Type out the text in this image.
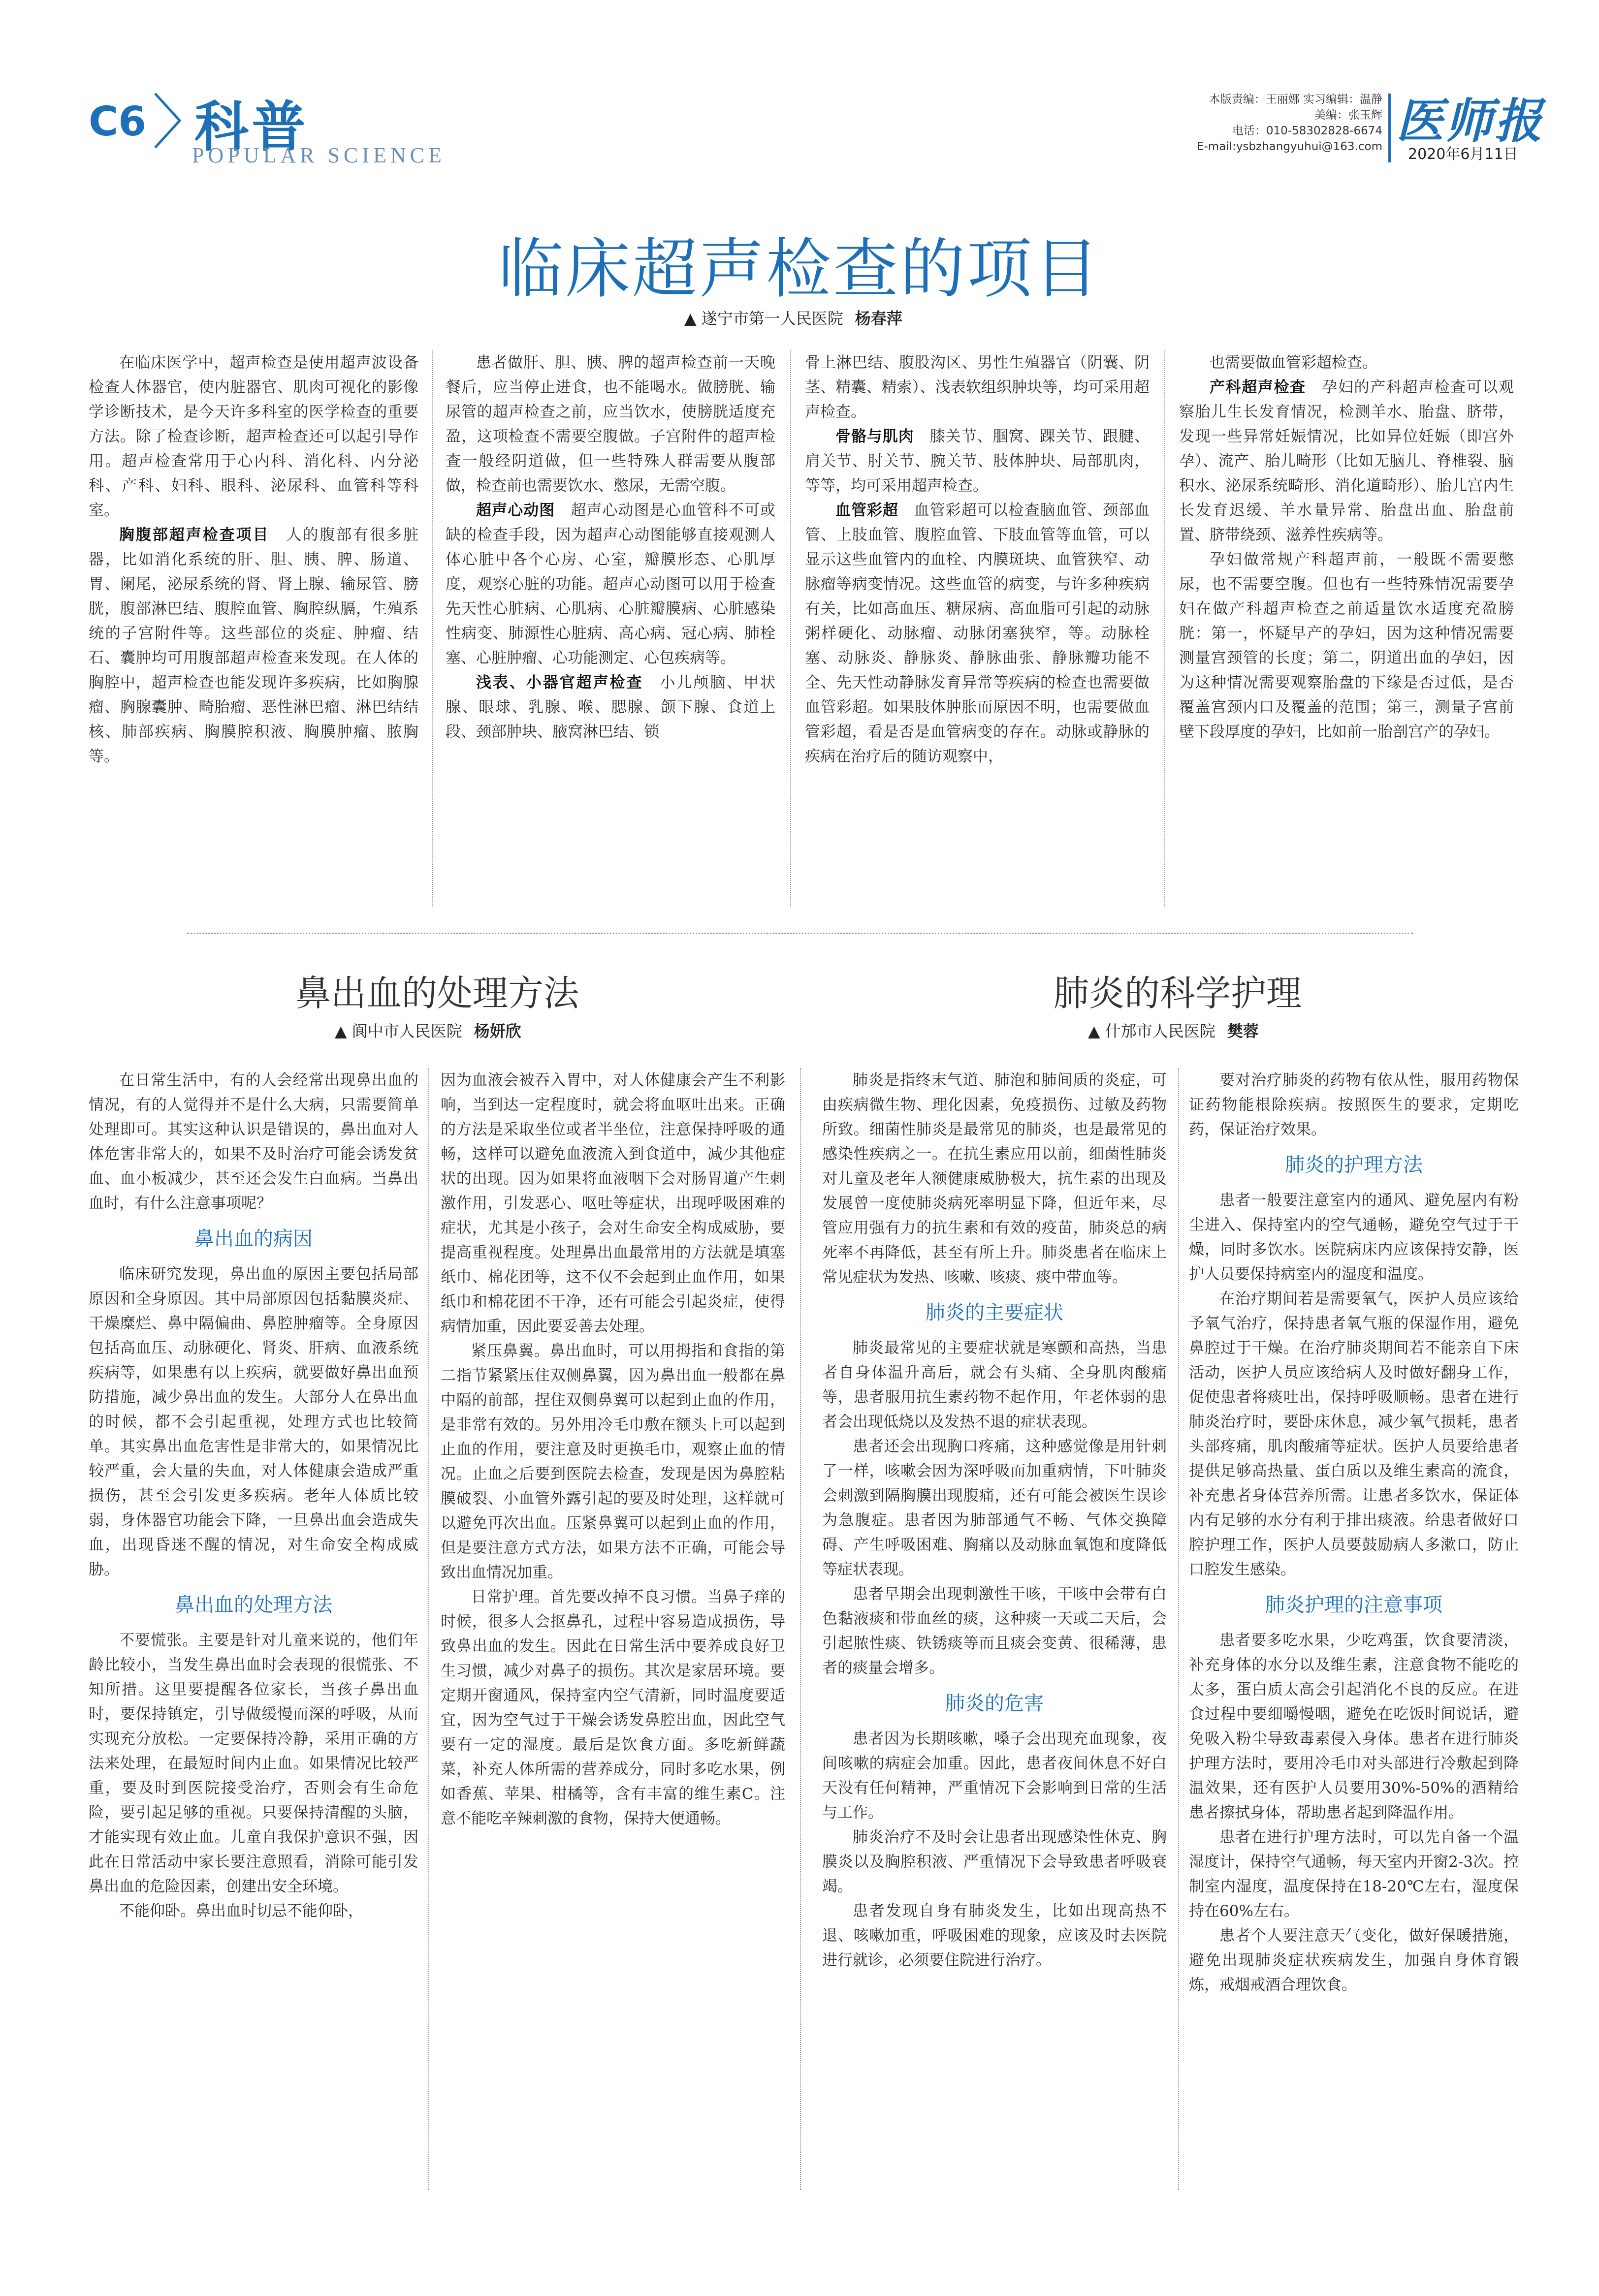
C6 科普
POPULAR SCIENCE
本版责编：王丽娜 实习编辑：温静
美编：张玉辉
电话：010-58302828-6674
E-mail:ysbzhangyuhui@163.com 医师报
2020年6月11日
临床超声检查的项目
▲ 遂宁市第一人民医院 杨春萍

在临床医学中，超声检查是使用超声波设备检查人体器官，使内脏器官、肌肉可视化的影像学诊断技术，是今天许多科室的医学检查的重要方法。除了检查诊断，超声检查还可以起引导作用。超声检查常用于心内科、消化科、内分泌科、产科、妇科、眼科、泌尿科、血管科等科室。

胸腹部超声检查项目　 人的腹部有很多脏器，比如消化系统的肝、胆、胰、脾、肠道、胃、阑尾，泌尿系统的肾、肾上腺、输尿管、膀胱，腹部淋巴结、腹腔血管、胸腔纵膈，生殖系统的子宫附件等。这些部位的炎症、肿瘤、结石、囊肿均可用腹部超声检查来发现。在人体的胸腔中，超声检查也能发现许多疾病，比如胸腺瘤、胸腺囊肿、畸胎瘤、恶性淋巴瘤、淋巴结结核、肺部疾病、胸膜腔积液、胸膜肿瘤、脓胸等。

患者做肝、胆、胰、脾的超声检查前一天晚餐后，应当停止进食，也不能喝水。做膀胱、输尿管的超声检查之前，应当饮水，使膀胱适度充盈，这项检查不需要空腹做。子宫附件的超声检查一般经阴道做，但一些特殊人群需要从腹部做，检查前也需要饮水、憋尿，无需空腹。

超声心动图　 超声心动图是心血管科不可或缺的检查手段，因为超声心动图能够直接观测人体心脏中各个心房、心室，瓣膜形态、心肌厚度，观察心脏的功能。超声心动图可以用于检查先天性心脏病、心肌病、心脏瓣膜病、心脏感染性病变、肺源性心脏病、高心病、冠心病、肺栓塞、心脏肿瘤、心功能测定、心包疾病等。

浅表、小器官超声检查　 小儿颅脑、甲状腺、眼球、乳腺、喉、腮腺、颌下腺、食道上段、颈部肿块、腋窝淋巴结、锁

骨上淋巴结、腹股沟区、男性生殖器官（阴囊、阴茎、精囊、精索）、浅表软组织肿块等，均可采用超声检查。

骨骼与肌肉　 膝关节、腘窝、踝关节、跟腱、肩关节、肘关节、腕关节、肢体肿块、局部肌肉，等等，均可采用超声检查。

血管彩超　 血管彩超可以检查脑血管、颈部血管、上肢血管、腹腔血管、下肢血管等血管，可以显示这些血管内的血栓、内膜斑块、血管狭窄、动脉瘤等病变情况。这些血管的病变，与许多种疾病有关，比如高血压、糖尿病、高血脂可引起的动脉粥样硬化、动脉瘤、动脉闭塞狭窄，等。动脉栓塞、动脉炎、静脉炎、静脉曲张、静脉瓣功能不全、先天性动静脉发育异常等疾病的检查也需要做血管彩超。如果肢体肿胀而原因不明，也需要做血管彩超，看是否是血管病变的存在。动脉或静脉的疾病在治疗后的随访观察中，

也需要做血管彩超检查。

产科超声检查　 孕妇的产科超声检查可以观察胎儿生长发育情况，检测羊水、胎盘、脐带，发现一些异常妊娠情况，比如异位妊娠（即宫外孕）、流产、胎儿畸形（比如无脑儿、脊椎裂、脑积水、泌尿系统畸形、消化道畸形）、胎儿宫内生长发育迟缓、羊水量异常、胎盘出血、胎盘前置、脐带绕颈、滋养性疾病等。

孕妇做常规产科超声前，一般既不需要憋尿，也不需要空腹。但也有一些特殊情况需要孕妇在做产科超声检查之前适量饮水适度充盈膀胱：第一，怀疑早产的孕妇，因为这种情况需要测量宫颈管的长度；第二，阴道出血的孕妇，因为这种情况需要观察胎盘的下缘是否过低，是否覆盖宫颈内口及覆盖的范围；第三，测量子宫前壁下段厚度的孕妇，比如前一胎剖宫产的孕妇。

鼻出血的处理方法
▲ 阆中市人民医院 杨妍欣

在日常生活中，有的人会经常出现鼻出血的情况，有的人觉得并不是什么大病，只需要简单处理即可。其实这种认识是错误的，鼻出血对人体危害非常大的，如果不及时治疗可能会诱发贫血、血小板减少，甚至还会发生白血病。当鼻出血时，有什么注意事项呢？

鼻出血的病因

临床研究发现，鼻出血的原因主要包括局部原因和全身原因。其中局部原因包括黏膜炎症、干燥糜烂、鼻中隔偏曲、鼻腔肿瘤等。全身原因包括高血压、动脉硬化、肾炎、肝病、血液系统疾病等，如果患有以上疾病，就要做好鼻出血预防措施，减少鼻出血的发生。大部分人在鼻出血的时候，都不会引起重视，处理方式也比较简单。其实鼻出血危害性是非常大的，如果情况比较严重，会大量的失血，对人体健康会造成严重损伤，甚至会引发更多疾病。老年人体质比较弱，身体器官功能会下降，一旦鼻出血会造成失血，出现昏迷不醒的情况，对生命安全构成威胁。

鼻出血的处理方法

不要慌张。主要是针对儿童来说的，他们年龄比较小，当发生鼻出血时会表现的很慌张、不知所措。这里要提醒各位家长，当孩子鼻出血时，要保持镇定，引导做缓慢而深的呼吸，从而实现充分放松。一定要保持冷静，采用正确的方法来处理，在最短时间内止血。如果情况比较严重，要及时到医院接受治疗，否则会有生命危险，要引起足够的重视。只要保持清醒的头脑，才能实现有效止血。儿童自我保护意识不强，因此在日常活动中家长要注意照看，消除可能引发鼻出血的危险因素，创建出安全环境。

不能仰卧。鼻出血时切忌不能仰卧，

因为血液会被吞入胃中，对人体健康会产生不利影响，当到达一定程度时，就会将血呕吐出来。正确的方法是采取坐位或者半坐位，注意保持呼吸的通畅，这样可以避免血液流入到食道中，减少其他症状的出现。因为如果将血液咽下会对肠胃道产生刺激作用，引发恶心、呕吐等症状，出现呼吸困难的症状，尤其是小孩子，会对生命安全构成威胁，要提高重视程度。处理鼻出血最常用的方法就是填塞纸巾、棉花团等，这不仅不会起到止血作用，如果纸巾和棉花团不干净，还有可能会引起炎症，使得病情加重，因此要妥善去处理。

紧压鼻翼。鼻出血时，可以用拇指和食指的第二指节紧紧压住双侧鼻翼，因为鼻出血一般都在鼻中隔的前部，捏住双侧鼻翼可以起到止血的作用，是非常有效的。另外用冷毛巾敷在额头上可以起到止血的作用，要注意及时更换毛巾，观察止血的情况。止血之后要到医院去检查，发现是因为鼻腔粘膜破裂、小血管外露引起的要及时处理，这样就可以避免再次出血。压紧鼻翼可以起到止血的作用，但是要注意方式方法，如果方法不正确，可能会导致出血情况加重。

日常护理。首先要改掉不良习惯。当鼻子痒的时候，很多人会抠鼻孔，过程中容易造成损伤，导致鼻出血的发生。因此在日常生活中要养成良好卫生习惯，减少对鼻子的损伤。其次是家居环境。要定期开窗通风，保持室内空气清新，同时温度要适宜，因为空气过于干燥会诱发鼻腔出血，因此空气要有一定的湿度。最后是饮食方面。多吃新鲜蔬菜，补充人体所需的营养成分，同时多吃水果，例如香蕉、苹果、柑橘等，含有丰富的维生素C。注意不能吃辛辣刺激的食物，保持大便通畅。

肺炎的科学护理
▲ 什邡市人民医院 樊蓉

肺炎是指终末气道、肺泡和肺间质的炎症，可由疾病微生物、理化因素，免疫损伤、过敏及药物所致。细菌性肺炎是最常见的肺炎，也是最常见的感染性疾病之一。在抗生素应用以前，细菌性肺炎对儿童及老年人额健康威胁极大，抗生素的出现及发展曾一度使肺炎病死率明显下降，但近年来，尽管应用强有力的抗生素和有效的疫苗，肺炎总的病死率不再降低，甚至有所上升。肺炎患者在临床上常见症状为发热、咳嗽、咳痰、痰中带血等。

肺炎的主要症状

肺炎最常见的主要症状就是寒颤和高热，当患者自身体温升高后，就会有头痛、全身肌肉酸痛等，患者服用抗生素药物不起作用，年老体弱的患者会出现低烧以及发热不退的症状表现。

患者还会出现胸口疼痛，这种感觉像是用针刺了一样，咳嗽会因为深呼吸而加重病情，下叶肺炎会刺激到隔胸膜出现腹痛，还有可能会被医生误诊为急腹症。患者因为肺部通气不畅、气体交换障碍、产生呼吸困难、胸痛以及动脉血氧饱和度降低等症状表现。

患者早期会出现刺激性干咳，干咳中会带有白色黏液痰和带血丝的痰，这种痰一天或二天后，会引起脓性痰、铁锈痰等而且痰会变黄、很稀薄，患者的痰量会增多。

肺炎的危害

患者因为长期咳嗽，嗓子会出现充血现象，夜间咳嗽的病症会加重。因此，患者夜间休息不好白天没有任何精神，严重情况下会影响到日常的生活与工作。

肺炎治疗不及时会让患者出现感染性休克、胸膜炎以及胸腔积液、严重情况下会导致患者呼吸衰竭。

患者发现自身有肺炎发生，比如出现高热不退、咳嗽加重，呼吸困难的现象，应该及时去医院进行就诊，必须要住院进行治疗。

要对治疗肺炎的药物有依从性，服用药物保证药物能根除疾病。按照医生的要求，定期吃药，保证治疗效果。

肺炎的护理方法

患者一般要注意室内的通风、避免屋内有粉尘进入、保持室内的空气通畅，避免空气过于干燥，同时多饮水。医院病床内应该保持安静，医护人员要保持病室内的湿度和温度。

在治疗期间若是需要氧气，医护人员应该给予氧气治疗，保持患者氧气瓶的保湿作用，避免鼻腔过于干燥。在治疗肺炎期间若不能亲自下床活动，医护人员应该给病人及时做好翻身工作，促使患者将痰吐出，保持呼吸顺畅。患者在进行肺炎治疗时，要卧床休息，减少氧气损耗，患者头部疼痛，肌肉酸痛等症状。医护人员要给患者提供足够高热量、蛋白质以及维生素高的流食，补充患者身体营养所需。让患者多饮水，保证体内有足够的水分有利于排出痰液。给患者做好口腔护理工作，医护人员要鼓励病人多漱口，防止口腔发生感染。

肺炎护理的注意事项

患者要多吃水果，少吃鸡蛋，饮食要清淡，补充身体的水分以及维生素，注意食物不能吃的太多，蛋白质太高会引起消化不良的反应。在进食过程中要细嚼慢咽，避免在吃饭时间说话，避免吸入粉尘导致毒素侵入身体。患者在进行肺炎护理方法时，要用冷毛巾对头部进行冷敷起到降温效果，还有医护人员要用30%-50%的酒精给患者擦拭身体，帮助患者起到降温作用。

患者在进行护理方法时，可以先自备一个温湿度计，保持空气通畅，每天室内开窗2-3次。控制室内湿度，温度保持在18-20℃左右，湿度保持在60%左右。

患者个人要注意天气变化，做好保暖措施，避免出现肺炎症状疾病发生，加强自身体育锻炼，戒烟戒酒合理饮食。
